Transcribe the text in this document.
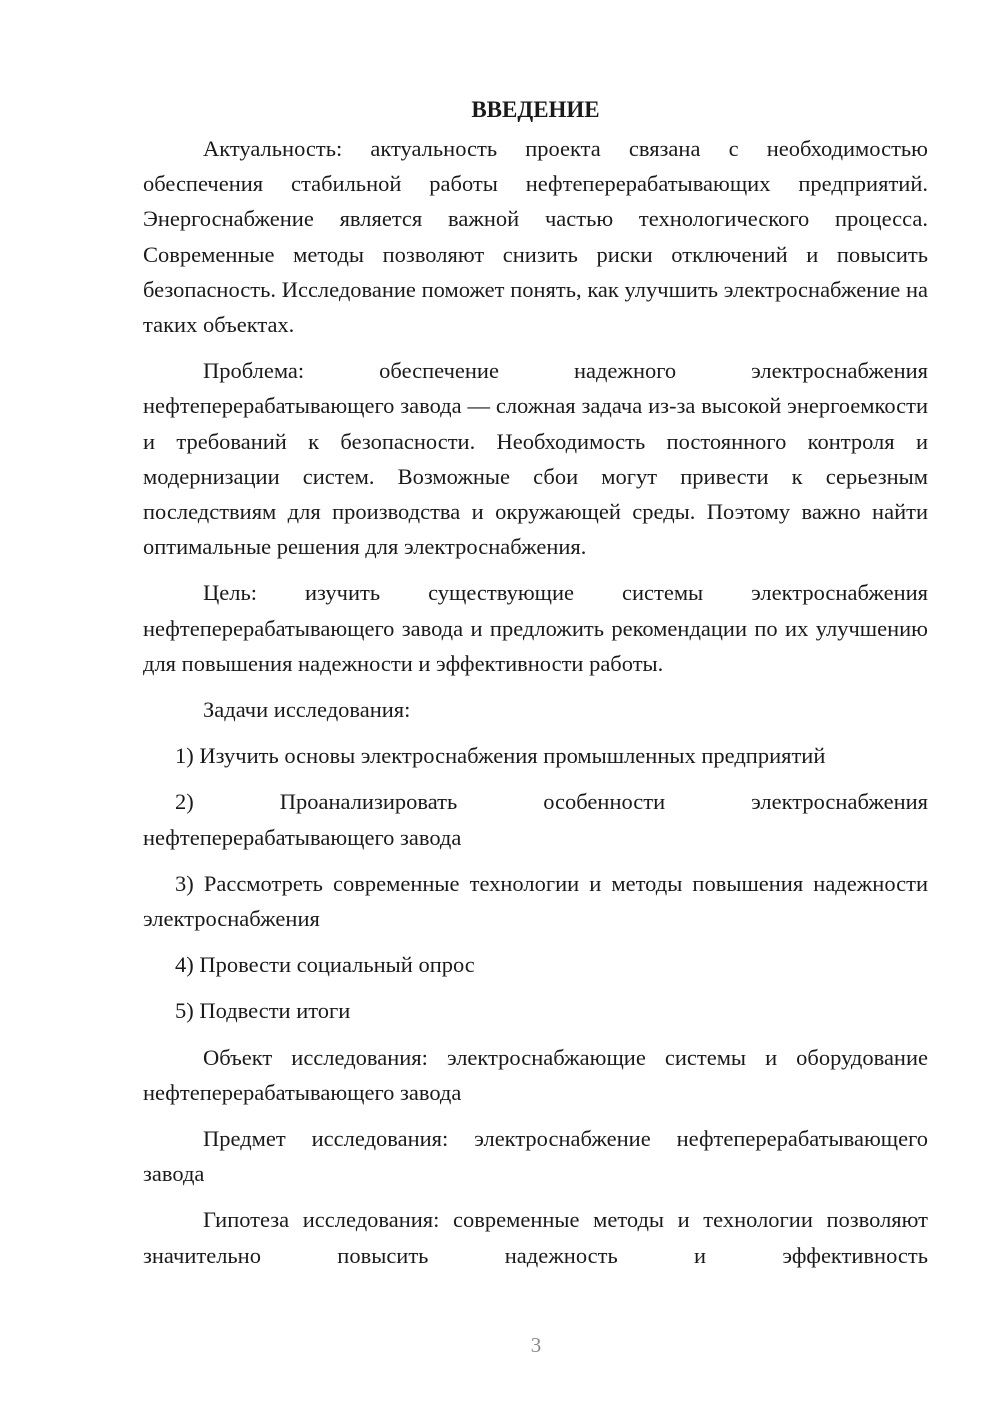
ВВЕДЕНИЕ

Актуальность: актуальность проекта связана с необходимостью обеспечения стабильной работы нефтеперерабатывающих предприятий. Энергоснабжение является важной частью технологического процесса. Современные методы позволяют снизить риски отключений и повысить безопасность. Исследование поможет понять, как улучшить электроснабжение на таких объектах.

Проблема: обеспечение надежного электроснабжения нефтеперерабатывающего завода — сложная задача из-за высокой энергоемкости и требований к безопасности. Необходимость постоянного контроля и модернизации систем. Возможные сбои могут привести к серьезным последствиям для производства и окружающей среды. Поэтому важно найти оптимальные решения для электроснабжения.

Цель: изучить существующие системы электроснабжения нефтеперерабатывающего завода и предложить рекомендации по их улучшению для повышения надежности и эффективности работы.

Задачи исследования:

1) Изучить основы электроснабжения промышленных предприятий

2) Проанализировать особенности электроснабжения нефтеперерабатывающего завода

3) Рассмотреть современные технологии и методы повышения надежности электроснабжения

4) Провести социальный опрос

5) Подвести итоги

Объект исследования: электроснабжающие системы и оборудование нефтеперерабатывающего завода

Предмет исследования: электроснабжение нефтеперерабатывающего завода

Гипотеза исследования: современные методы и технологии позволяют значительно повысить надежность и эффективность

3
